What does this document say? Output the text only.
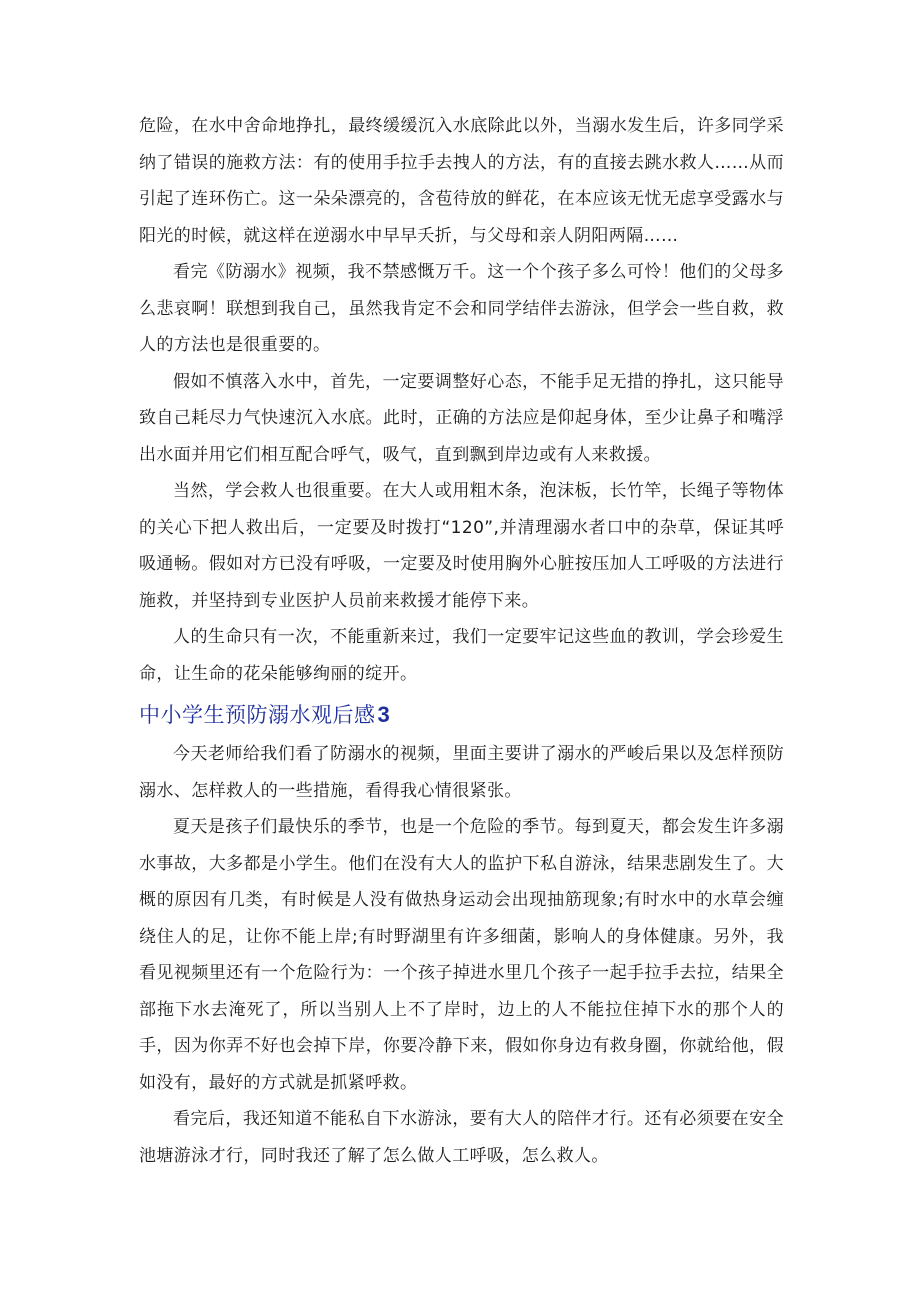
危险，在水中舍命地挣扎，最终缓缓沉入水底除此以外，当溺水发生后，许多同学采纳了错误的施救方法：有的使用手拉手去拽人的方法，有的直接去跳水救人……从而引起了连环伤亡。这一朵朵漂亮的，含苞待放的鲜花，在本应该无忧无虑享受露水与阳光的时候，就这样在逆溺水中早早夭折，与父母和亲人阴阳两隔……

看完《防溺水》视频，我不禁感慨万千。这一个个孩子多么可怜！他们的父母多么悲哀啊！联想到我自己，虽然我肯定不会和同学结伴去游泳，但学会一些自救，救人的方法也是很重要的。

假如不慎落入水中，首先，一定要调整好心态，不能手足无措的挣扎，这只能导致自己耗尽力气快速沉入水底。此时，正确的方法应是仰起身体，至少让鼻子和嘴浮出水面并用它们相互配合呼气，吸气，直到飘到岸边或有人来救援。

当然，学会救人也很重要。在大人或用粗木条，泡沫板，长竹竿，长绳子等物体的关心下把人救出后，一定要及时拨打“120”,并清理溺水者口中的杂草，保证其呼吸通畅。假如对方已没有呼吸，一定要及时使用胸外心脏按压加人工呼吸的方法进行施救，并坚持到专业医护人员前来救援才能停下来。

人的生命只有一次，不能重新来过，我们一定要牢记这些血的教训，学会珍爱生命，让生命的花朵能够绚丽的绽开。

中小学生预防溺水观后感3

今天老师给我们看了防溺水的视频，里面主要讲了溺水的严峻后果以及怎样预防溺水、怎样救人的一些措施，看得我心情很紧张。

夏天是孩子们最快乐的季节，也是一个危险的季节。每到夏天，都会发生许多溺水事故，大多都是小学生。他们在没有大人的监护下私自游泳，结果悲剧发生了。大概的原因有几类，有时候是人没有做热身运动会出现抽筋现象;有时水中的水草会缠绕住人的足，让你不能上岸;有时野湖里有许多细菌，影响人的身体健康。另外，我看见视频里还有一个危险行为：一个孩子掉进水里几个孩子一起手拉手去拉，结果全部拖下水去淹死了，所以当别人上不了岸时，边上的人不能拉住掉下水的那个人的手，因为你弄不好也会掉下岸，你要冷静下来，假如你身边有救身圈，你就给他，假如没有，最好的方式就是抓紧呼救。

看完后，我还知道不能私自下水游泳，要有大人的陪伴才行。还有必须要在安全池塘游泳才行，同时我还了解了怎么做人工呼吸，怎么救人。
